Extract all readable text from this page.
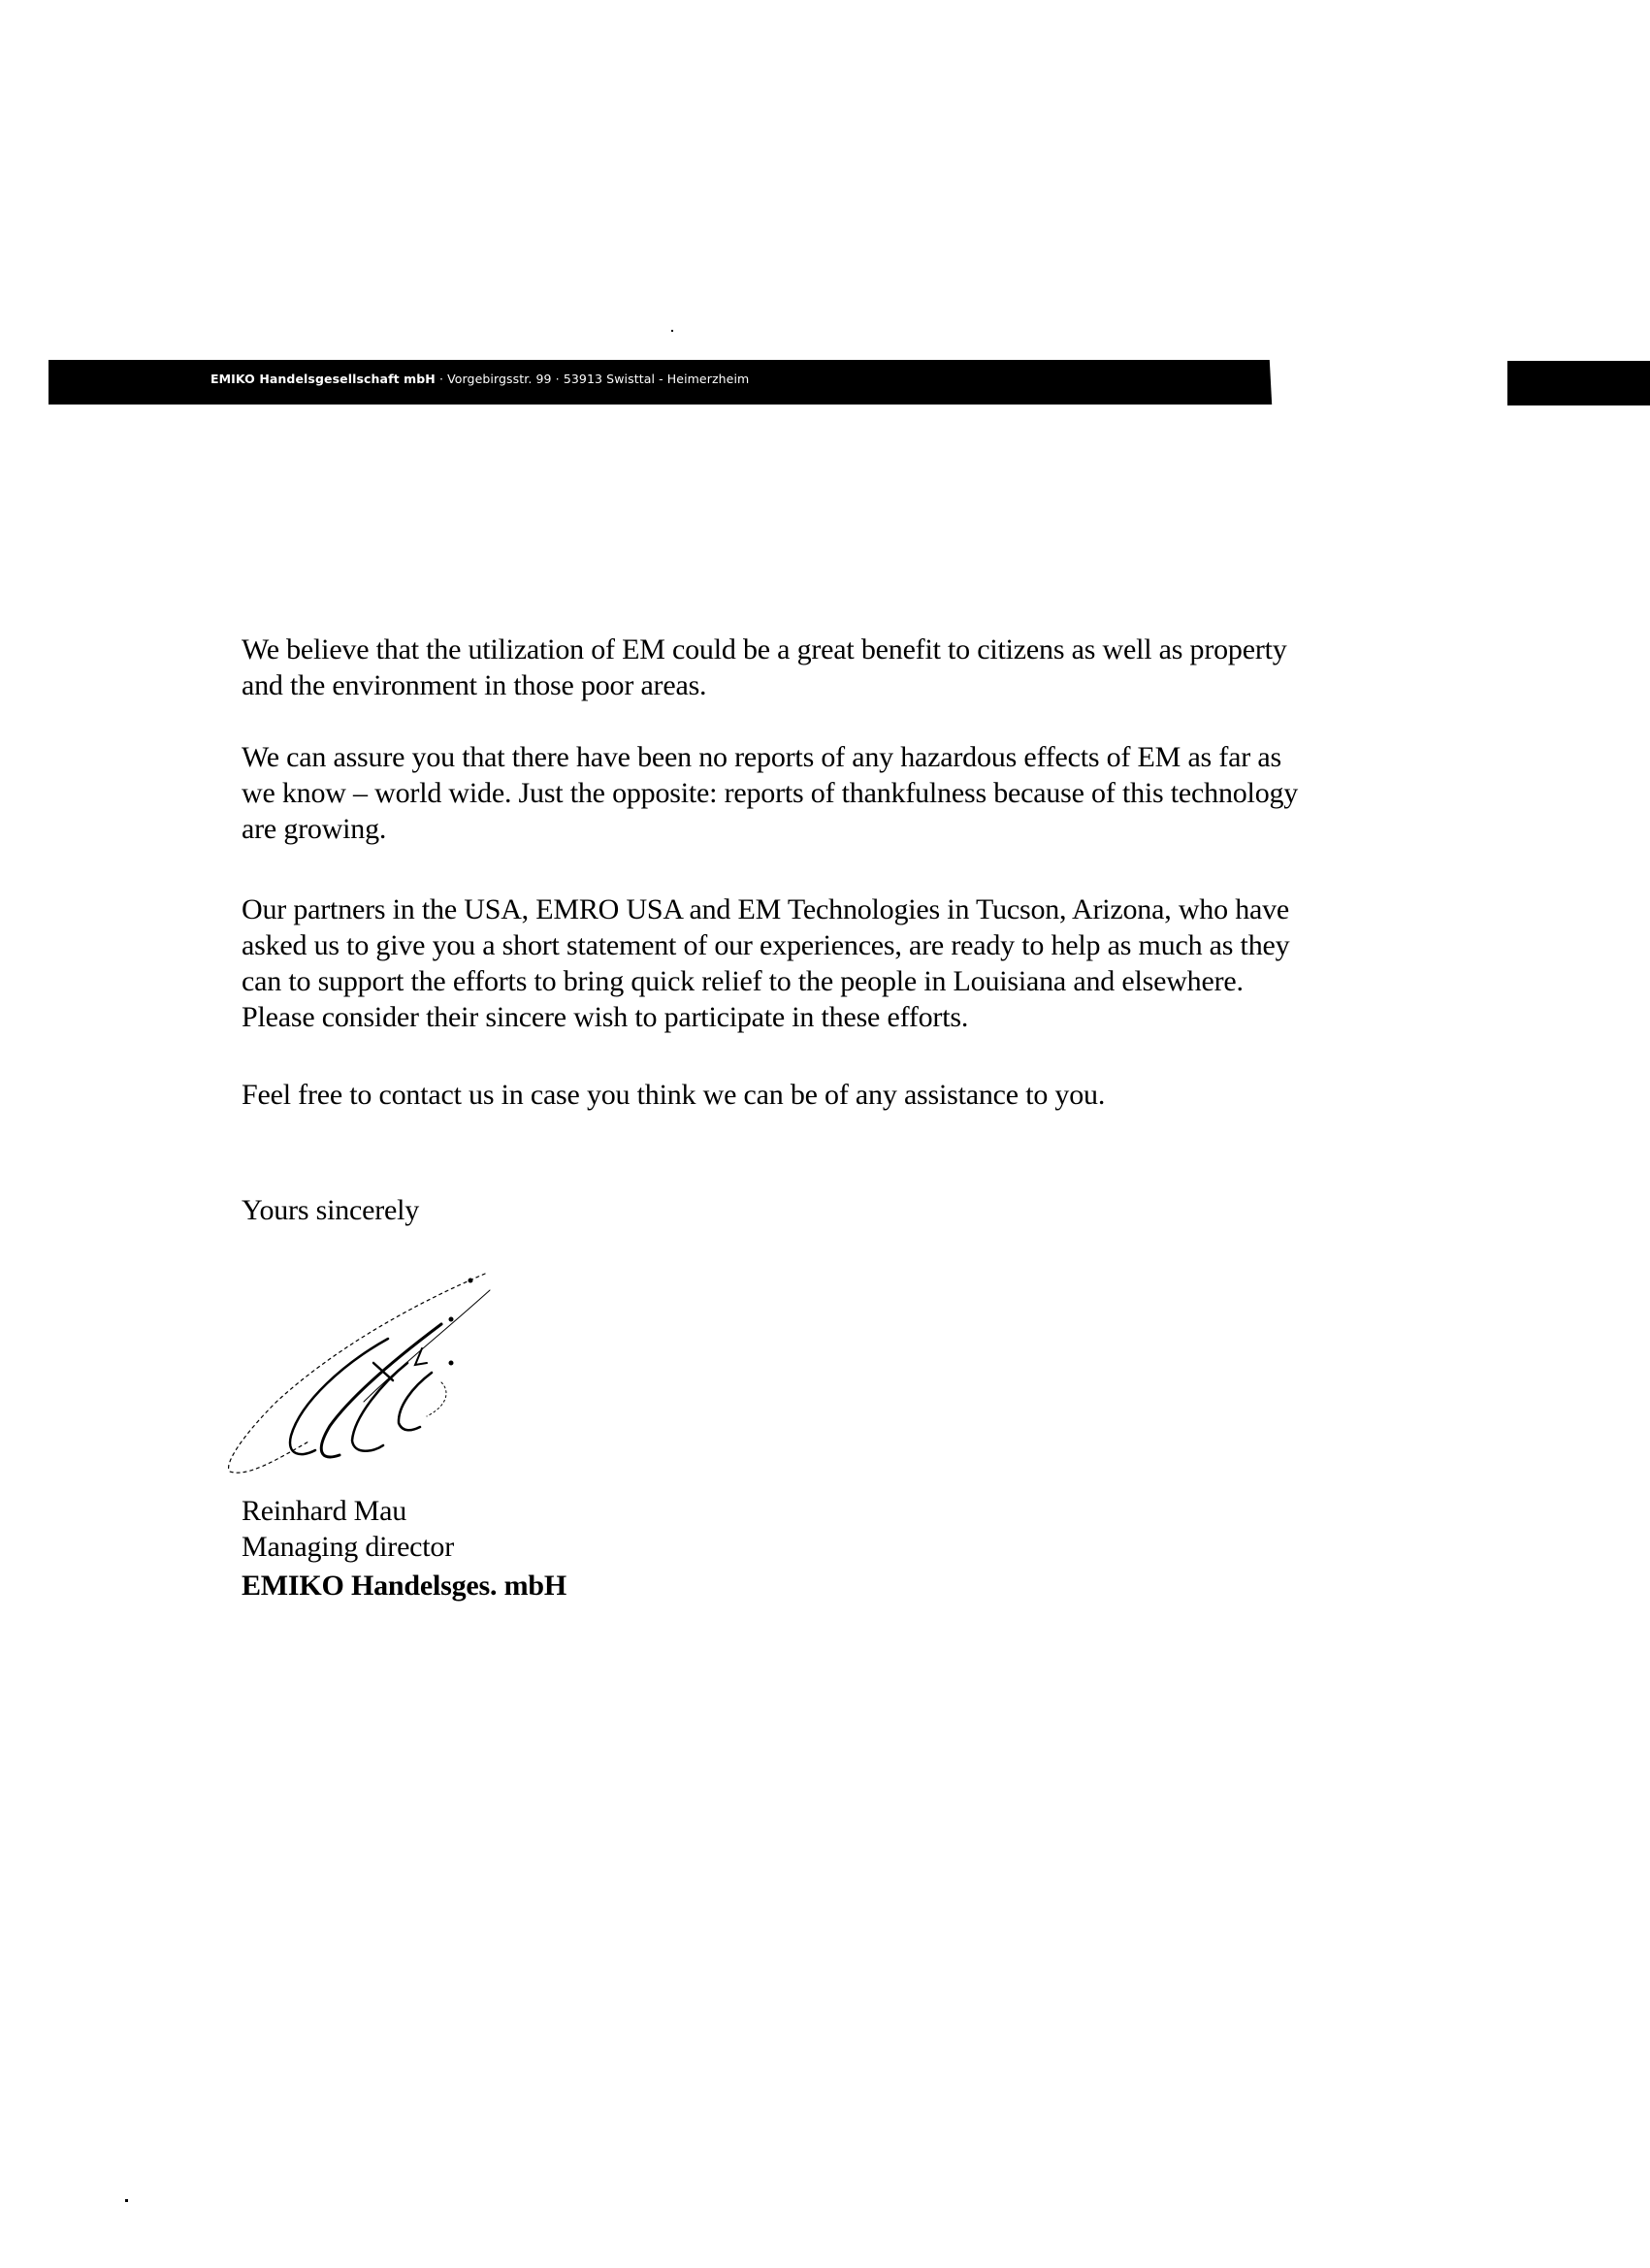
EMIKO Handelsgesellschaft mbH · Vorgebirgsstr. 99 · 53913 Swisttal - Heimerzheim
We believe that the utilization of EM could be a great benefit to citizens as well as property
and the environment in those poor areas.
We can assure you that there have been no reports of any hazardous effects of EM as far as
we know – world wide. Just the opposite: reports of thankfulness because of this technology
are growing.
Our partners in the USA, EMRO USA and EM Technologies in Tucson, Arizona, who have
asked us to give you a short statement of our experiences, are ready to help as much as they
can to support the efforts to bring quick relief to the people in Louisiana and elsewhere.
Please consider their sincere wish to participate in these efforts.
Feel free to contact us in case you think we can be of any assistance to you.
Yours sincerely
Reinhard Mau
Managing director
EMIKO Handelsges. mbH
